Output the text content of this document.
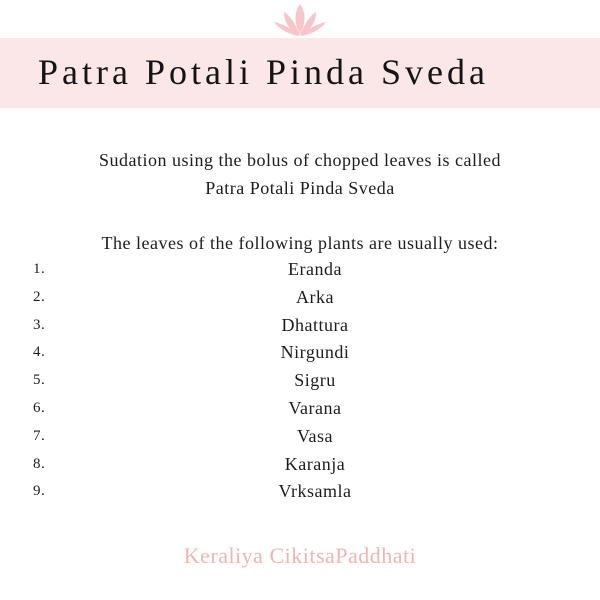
Patra Potali Pinda Sveda
Sudation using the bolus of chopped leaves is called
Patra Potali Pinda Sveda
The leaves of the following plants are usually used:
1.	Eranda
2.	Arka
3.	Dhattura
4.	Nirgundi
5.	Sigru
6.	Varana
7.	Vasa
8.	Karanja
9.	Vrksamla
Keraliya CikitsaPaddhati
